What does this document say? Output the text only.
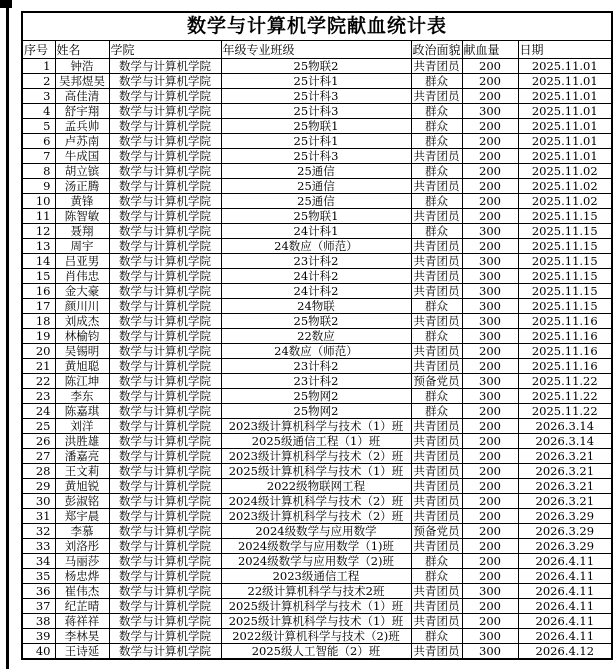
数学与计算机学院献血统计表						
序号	姓名	学院	年级专业班级	政治面貌	献血量	日期
1	钟浩	数学与计算机学院	25物联2	共青团员	200	2025.11.01
2	吴邦煜昊	数学与计算机学院	25计科1	群众	200	2025.11.01
3	高佳清	数学与计算机学院	25计科3	共青团员	200	2025.11.01
4	舒宇翔	数学与计算机学院	25计科3	群众	300	2025.11.01
5	孟兵帅	数学与计算机学院	25物联1	群众	200	2025.11.01
6	卢苏南	数学与计算机学院	25计科1	群众	200	2025.11.01
7	牛成国	数学与计算机学院	25计科3	共青团员	200	2025.11.01
8	胡立镔	数学与计算机学院	25通信	群众	200	2025.11.02
9	汤正腾	数学与计算机学院	25通信	共青团员	200	2025.11.02
10	黄锋	数学与计算机学院	25通信	群众	200	2025.11.02
11	陈智敏	数学与计算机学院	25物联1	共青团员	200	2025.11.15
12	聂翔	数学与计算机学院	24计科1	群众	300	2025.11.15
13	周宇	数学与计算机学院	24数应（师范）	共青团员	200	2025.11.15
14	吕亚男	数学与计算机学院	23计科2	共青团员	300	2025.11.15
15	肖伟忠	数学与计算机学院	24计科2	共青团员	300	2025.11.15
16	金大豪	数学与计算机学院	24计科2	共青团员	300	2025.11.15
17	颜川川	数学与计算机学院	24物联	群众	300	2025.11.15
18	刘成杰	数学与计算机学院	25物联2	共青团员	300	2025.11.16
19	林榆钧	数学与计算机学院	22数应	群众	300	2025.11.16
20	吴锡明	数学与计算机学院	24数应（师范）	共青团员	200	2025.11.16
21	黄旭聪	数学与计算机学院	23计科2	共青团员	200	2025.11.16
22	陈江坤	数学与计算机学院	23计科2	预备党员	300	2025.11.22
23	李东	数学与计算机学院	25物网2	群众	300	2025.11.22
24	陈嘉琪	数学与计算机学院	25物网2	群众	200	2025.11.22
25	刘洋	数学与计算机学院	2023级计算机科学与技术（1）班	共青团员	200	2026.3.14
26	洪胜雄	数学与计算机学院	2025级通信工程（1）班	共青团员	200	2026.3.14
27	潘嘉亮	数学与计算机学院	2023级计算机科学与技术（2）班	共青团员	200	2026.3.21
28	王文莉	数学与计算机学院	2025级计算机科学与技术（1）班	共青团员	200	2026.3.21
29	黄旭锐	数学与计算机学院	2022级物联网工程	共青团员	200	2026.3.21
30	彭淑铭	数学与计算机学院	2024级计算机科学与技术（2）班	共青团员	200	2026.3.21
31	郑宇晨	数学与计算机学院	2023级计算机科学与技术（2）班	共青团员	200	2026.3.29
32	李慕	数学与计算机学院	2024级数学与应用数学	预备党员	200	2026.3.29
33	刘洛彤	数学与计算机学院	2024级数学与应用数学（1)班	共青团员	200	2026.3.29
34	马丽莎	数学与计算机学院	2024级数学与应用数学（2)班	群众	200	2026.4.11
35	杨忠烨	数学与计算机学院	2023级通信工程	群众	200	2026.4.11
36	崔伟杰	数学与计算机学院	22级计算机科学与技术2班	共青团员	300	2026.4.11
37	纪芷晴	数学与计算机学院	2025级计算机科学与技术（1）班	共青团员	200	2026.4.11
38	蒋祥祥	数学与计算机学院	2025级计算机科学与技术（1）班	共青团员	200	2026.4.11
39	李林昊	数学与计算机学院	2022级计算机科学与技术（2)班	群众	300	2026.4.11
40	王诗延	数学与计算机学院	2025级人工智能（2）班	共青团员	300	2026.4.12
